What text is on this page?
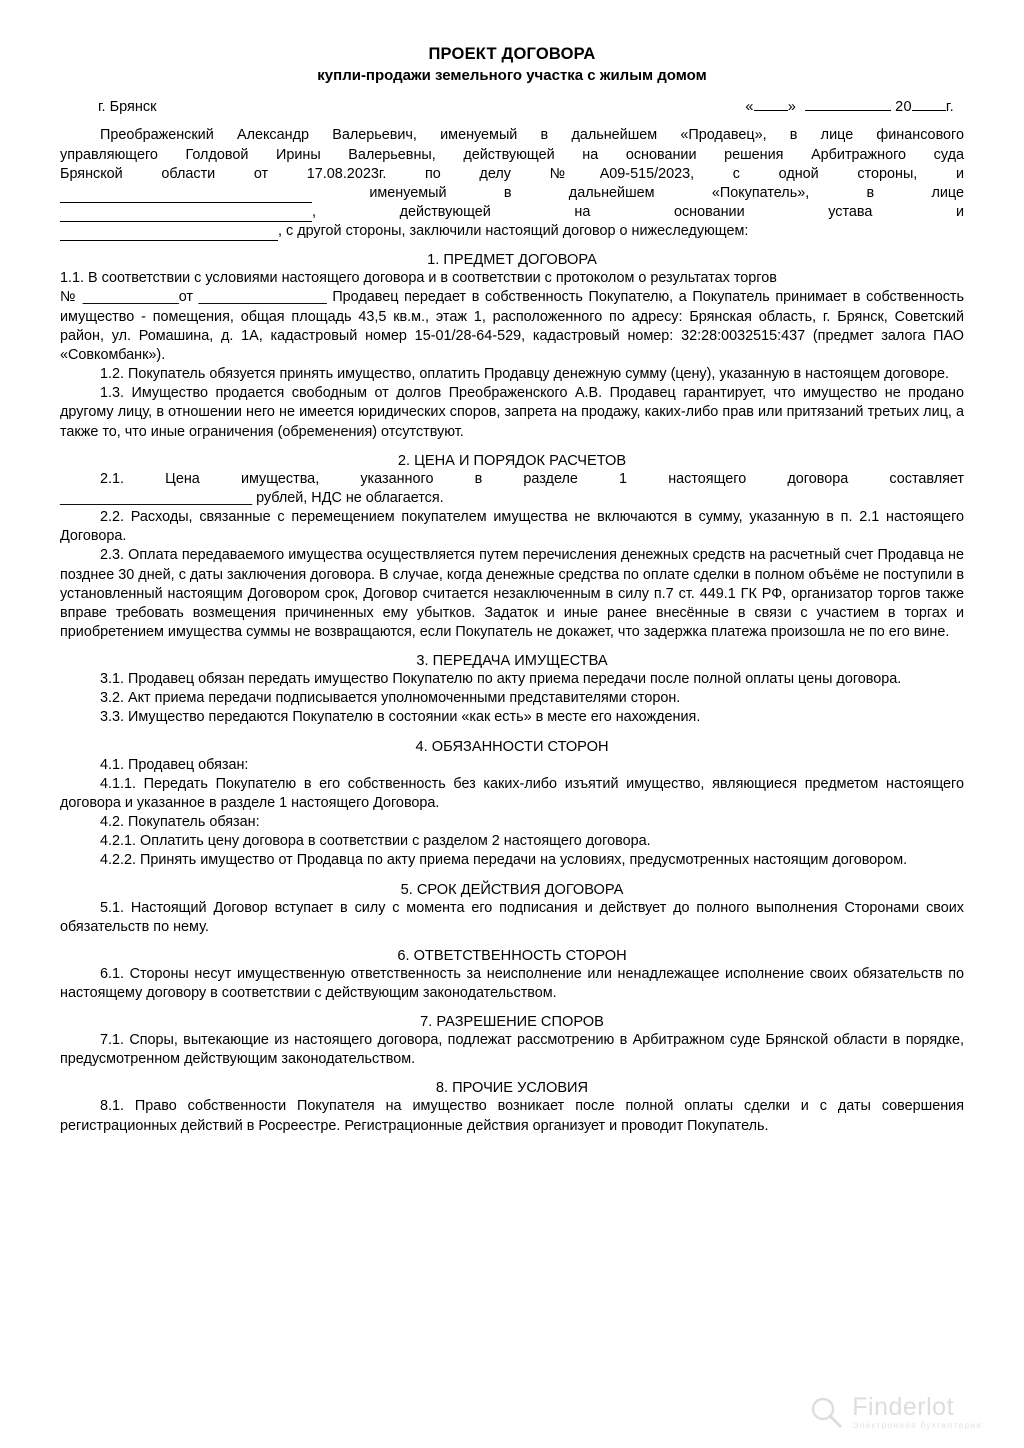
ПРОЕКТ ДОГОВОРА
купли-продажи земельного участка с жилым домом
г. Брянск	« »	20 г.

Преображенский Александр Валерьевич, именуемый в дальнейшем «Продавец», в лице финансового

управляющего Голдовой Ирины Валерьевны, действующей на основании решения Арбитражного суда

Брянской области от 17.08.2023г. по делу №А09-515/2023, с одной стороны, и

именуемый в дальнейшем «Покупатель», в лице

, действующей на основании устава и

, с другой стороны, заключили настоящий договор о нижеследующем:

1. ПРЕДМЕТ ДОГОВОРА

1.1. В соответствии с условиями настоящего договора и в соответствии с протоколом о результатах торгов

№ ____________от ________________ Продавец передает в собственность Покупателю, а Покупатель принимает в собственность имущество - помещения, общая площадь 43,5 кв.м., этаж 1, расположенного по адресу: Брянская область, г. Брянск, Советский район, ул. Ромашина, д. 1А, кадастровый номер 15-01/28-64-529, кадастровый номер: 32:28:0032515:437 (предмет залога ПАО «Совкомбанк»).

1.2. Покупатель обязуется принять имущество, оплатить Продавцу денежную сумму (цену), указанную в настоящем договоре.

1.3. Имущество продается свободным от долгов Преображенского А.В. Продавец гарантирует, что имущество не продано другому лицу, в отношении него не имеется юридических споров, запрета на продажу, каких-либо прав или притязаний третьих лиц, а также то, что иные ограничения (обременения) отсутствуют.

2. ЦЕНА И ПОРЯДОК РАСЧЕТОВ

2.1. Цена имущества, указанного в разделе 1 настоящего договора составляет

________________________ рублей, НДС не облагается.

2.2. Расходы, связанные с перемещением покупателем имущества не включаются в сумму, указанную в п. 2.1 настоящего Договора.

2.3. Оплата передаваемого имущества осуществляется путем перечисления денежных средств на расчетный счет Продавца не позднее 30 дней, с даты заключения договора. В случае, когда денежные средства по оплате сделки в полном объёме не поступили в установленный настоящим Договором срок, Договор считается незаключенным в силу п.7 ст. 449.1 ГК РФ, организатор торгов также вправе требовать возмещения причиненных ему убытков. Задаток и иные ранее внесённые в связи с участием в торгах и приобретением имущества суммы не возвращаются, если Покупатель не докажет, что задержка платежа произошла не по его вине.

3. ПЕРЕДАЧА ИМУЩЕСТВА

3.1. Продавец обязан передать имущество Покупателю по акту приема передачи после полной оплаты цены договора.

3.2. Акт приема передачи подписывается уполномоченными представителями сторон.

3.3. Имущество передаются Покупателю в состоянии «как есть» в месте его нахождения.

4. ОБЯЗАННОСТИ СТОРОН

4.1. Продавец обязан:

4.1.1. Передать Покупателю в его собственность без каких-либо изъятий имущество, являющиеся предметом настоящего договора и указанное в разделе 1 настоящего Договора.

4.2. Покупатель обязан:

4.2.1. Оплатить цену договора в соответствии с разделом 2 настоящего договора.

4.2.2. Принять имущество от Продавца по акту приема передачи на условиях, предусмотренных настоящим договором.

5. СРОК ДЕЙСТВИЯ ДОГОВОРА

5.1. Настоящий Договор вступает в силу с момента его подписания и действует до полного выполнения Сторонами своих обязательств по нему.

6. ОТВЕТСТВЕННОСТЬ СТОРОН

6.1. Стороны несут имущественную ответственность за неисполнение или ненадлежащее исполнение своих обязательств по настоящему договору в соответствии с действующим законодательством.

7. РАЗРЕШЕНИЕ СПОРОВ

7.1. Споры, вытекающие из настоящего договора, подлежат рассмотрению в Арбитражном суде Брянской области в порядке, предусмотренном действующим законодательством.

8. ПРОЧИЕ УСЛОВИЯ

8.1. Право собственности Покупателя на имущество возникает после полной оплаты сделки и с даты совершения регистрационных действий в Росреестре. Регистрационные действия организует и проводит Покупатель.

Finderlot
Электронная бухгалтерия
